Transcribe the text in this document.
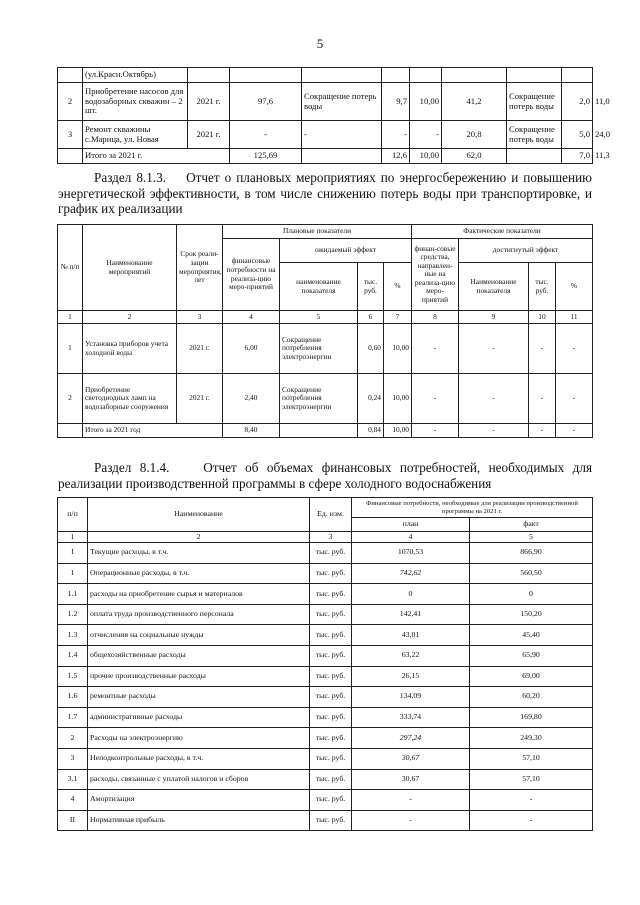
5
	(ул.Красн.Октябрь)									
2	Приобретение насосов для водозаборных скважин – 2 шт.	2021 г.	97,6	Сокращение потерь воды	9,7	10,00	41,2	Сокращение потерь воды	2,0	11,0
3	Ремонт скважины с.Марица, ул. Новая	2021 г.	-	-	-	-	20,8	Сокращение потерь воды	5,0	24,0
	Итого за 2021 г.		125,69		12,6	10,00	62,0		7,0	11,3
Раздел 8.1.3. Отчет о плановых мероприятиях по энергосбережению и повышению энергетической эффективности, в том числе снижению потерь воды при транспортировке, и график их реализации
№ п/п	Наименование мероприятий	Срок реали-зации мероприятия, лет	Плановые показатели				Фактические показатели			
			финансовые потребности на реализа-цию меро-приятий	ожидаемый эффект			финан-совые средства, направлен-ные на реализа-цию меро-приятий	достигнутый эффект		
				наименование показателя	тыс. руб.	%		Наименование показателя	тыс. руб.	%
1	2	3	4	5	6	7	8	9	10	11
1	Установка приборов учета холодной воды	2021 г.	6,00	Сокращение потребления электроэнергии	0,60	10,00	-	-	-	-
2	Приобретение светодиодных ламп на водозаборные сооружения	2021 г.	2,40	Сокращение потребления электроэнергии	0,24	10,00	-	-	-	-
	Итого за 2021 год		8,40		0,84	10,00	-	-	-	-
Раздел 8.1.4.	Отчет об объемах финансовых потребностей, необходимых для реализации производственной программы в сфере холодного водоснабжения
п/п	Наименование	Ед. изм.	Финансовые потребности, необходимые для реализации производственной программы на 2021 г.	
			план	факт
1	2	3	4	5
I	Текущие расходы, в т.ч.	тыс. руб.	1070,53	866,90
1	Операционные расходы, в т.ч.	тыс. руб.	742,62	560,50
1.1	расходы на приобретение сырья и материалов	тыс. руб.	0	0
1.2	оплата труда производственного персонала	тыс. руб.	142,41	150,20
1.3	отчисления на социальные нужды	тыс. руб.	43,01	45,40
1.4	общехозяйственные расходы	тыс. руб.	63,22	65,90
1.5	прочие производственные расходы	тыс. руб.	26,15	69,00
1.6	ремонтные расходы	тыс. руб.	134,09	60,20
1.7	административные расходы	тыс. руб.	333,74	169,80
2	Расходы на электроэнергию	тыс. руб.	297,24	249,30
3	Неподконтрольные расходы, в т.ч.	тыс. руб.	30,67	57,10
3.1	расходы, связанные с уплатой налогов и сборов	тыс. руб.	30,67	57,10
4	Амортизация	тыс. руб.	-	-
II	Нормативная прибыль	тыс. руб.	-	-
